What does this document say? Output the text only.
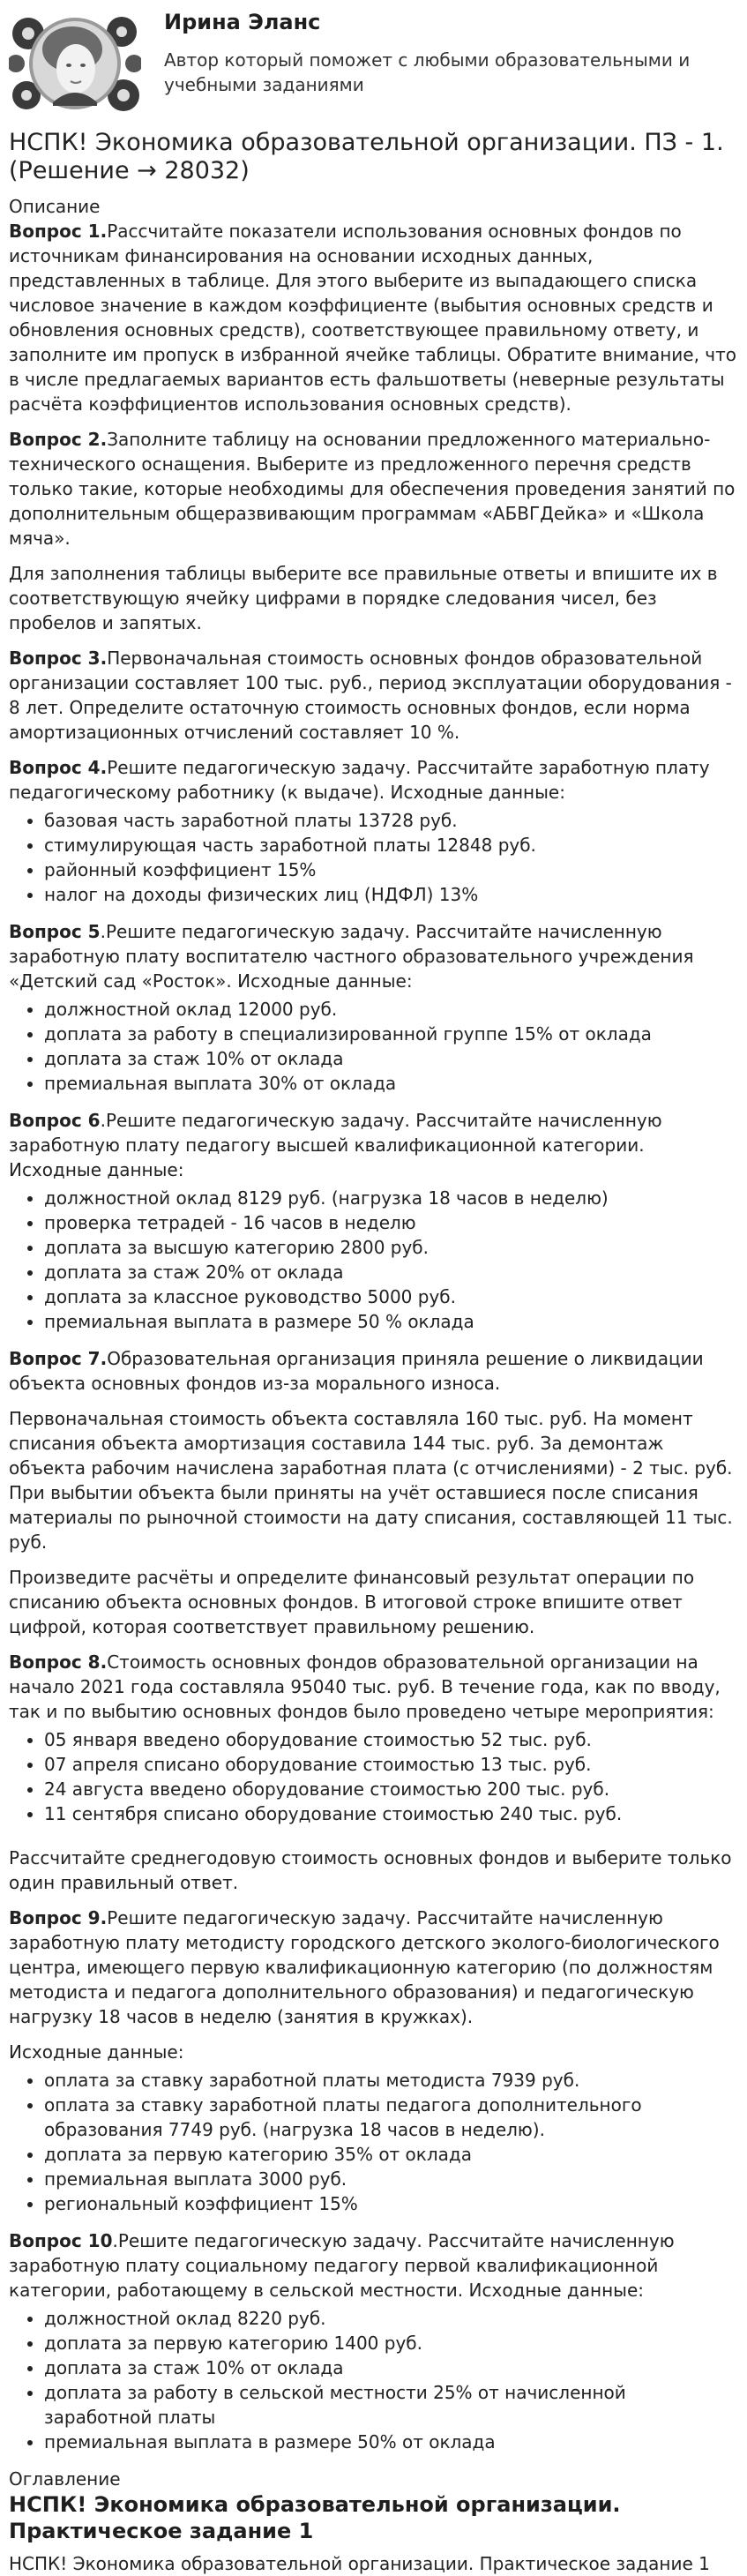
Ирина Эланс
Автор который поможет с любыми образовательными и учебными заданиями
НСПК! Экономика образовательной организации. ПЗ - 1. (Решение → 28032)
Описание

Вопрос 1.Рассчитайте показатели использования основных фондов по источникам финансирования на основании исходных данных, представленных в таблице. Для этого выберите из выпадающего списка числовое значение в каждом коэффициенте (выбытия основных средств и обновления основных средств), соответствующее правильному ответу, и заполните им пропуск в избранной ячейке таблицы. Обратите внимание, что в числе предлагаемых вариантов есть фальшответы (неверные результаты расчёта коэффициентов использования основных средств).

Вопрос 2.Заполните таблицу на основании предложенного материально-технического оснащения. Выберите из предложенного перечня средств только такие, которые необходимы для обеспечения проведения занятий по дополнительным общеразвивающим программам «АБВГДейка» и «Школа мяча».

Для заполнения таблицы выберите все правильные ответы и впишите их в соответствующую ячейку цифрами в порядке следования чисел, без пробелов и запятых.

Вопрос 3.Первоначальная стоимость основных фондов образовательной организации составляет 100 тыс. руб., период эксплуатации оборудования - 8 лет. Определите остаточную стоимость основных фондов, если норма амортизационных отчислений составляет 10 %.

Вопрос 4.Решите педагогическую задачу. Рассчитайте заработную плату педагогическому работнику (к выдаче). Исходные данные:

• базовая часть заработной платы 13728 руб.
• стимулирующая часть заработной платы 12848 руб.
• районный коэффициент 15%
• налог на доходы физических лиц (НДФЛ) 13%

Вопрос 5.Решите педагогическую задачу. Рассчитайте начисленную заработную плату воспитателю частного образовательного учреждения «Детский сад «Росток». Исходные данные:

• должностной оклад 12000 руб.
• доплата за работу в специализированной группе 15% от оклада
• доплата за стаж 10% от оклада
• премиальная выплата 30% от оклада

Вопрос 6.Решите педагогическую задачу. Рассчитайте начисленную заработную плату педагогу высшей квалификационной категории. Исходные данные:

• должностной оклад 8129 руб. (нагрузка 18 часов в неделю)
• проверка тетрадей - 16 часов в неделю
• доплата за высшую категорию 2800 руб.
• доплата за стаж 20% от оклада
• доплата за классное руководство 5000 руб.
• премиальная выплата в размере 50 % оклада

Вопрос 7.Образовательная организация приняла решение о ликвидации объекта основных фондов из-за морального износа.

Первоначальная стоимость объекта составляла 160 тыс. руб. На момент списания объекта амортизация составила 144 тыс. руб. За демонтаж объекта рабочим начислена заработная плата (с отчислениями) - 2 тыс. руб. При выбытии объекта были приняты на учёт оставшиеся после списания материалы по рыночной стоимости на дату списания, составляющей 11 тыс. руб.

Произведите расчёты и определите финансовый результат операции по списанию объекта основных фондов. В итоговой строке впишите ответ цифрой, которая соответствует правильному решению.

Вопрос 8.Стоимость основных фондов образовательной организации на начало 2021 года составляла 95040 тыс. руб. В течение года, как по вводу, так и по выбытию основных фондов было проведено четыре мероприятия:

• 05 января введено оборудование стоимостью 52 тыс. руб.
• 07 апреля списано оборудование стоимостью 13 тыс. руб.
• 24 августа введено оборудование стоимостью 200 тыс. руб.
• 11 сентября списано оборудование стоимостью 240 тыс. руб.

Рассчитайте среднегодовую стоимость основных фондов и выберите только один правильный ответ.

Вопрос 9.Решите педагогическую задачу. Рассчитайте начисленную заработную плату методисту городского детского эколого-биологического центра, имеющего первую квалификационную категорию (по должностям методиста и педагога дополнительного образования) и педагогическую нагрузку 18 часов в неделю (занятия в кружках).

Исходные данные:

• оплата за ставку заработной платы методиста 7939 руб.
• оплата за ставку заработной платы педагога дополнительного образования 7749 руб. (нагрузка 18 часов в неделю).
• доплата за первую категорию 35% от оклада
• премиальная выплата 3000 руб.
• региональный коэффициент 15%

Вопрос 10.Решите педагогическую задачу. Рассчитайте начисленную заработную плату социальному педагогу первой квалификационной категории, работающему в сельской местности. Исходные данные:

• должностной оклад 8220 руб.
• доплата за первую категорию 1400 руб.
• доплата за стаж 10% от оклада
• доплата за работу в сельской местности 25% от начисленной заработной платы
• премиальная выплата в размере 50% от оклада
Оглавление
НСПК! Экономика образовательной организации. Практическое задание 1
НСПК! Экономика образовательной организации. Практическое задание 1
